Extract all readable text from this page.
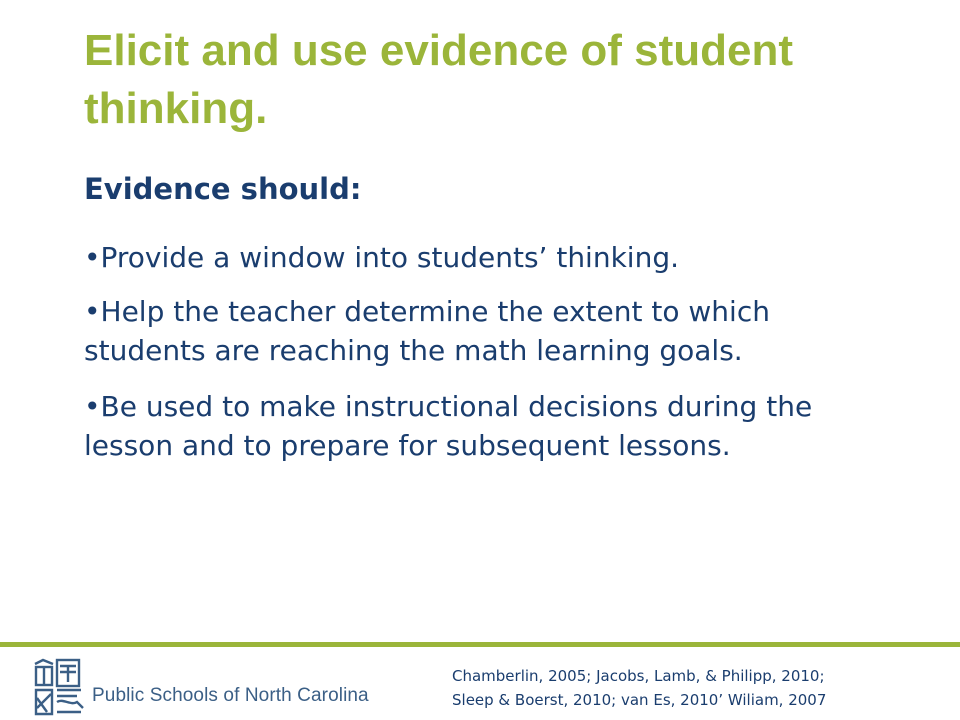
Elicit and use evidence of student thinking.
Evidence should:
•Provide a window into students’ thinking.
•Help the teacher determine the extent to which students are reaching the math learning goals.
•Be used to make instructional decisions during the lesson and to prepare for subsequent lessons.
Public Schools of North Carolina
Chamberlin, 2005; Jacobs, Lamb, & Philipp, 2010;
Sleep & Boerst, 2010; van Es, 2010’ Wiliam, 2007
